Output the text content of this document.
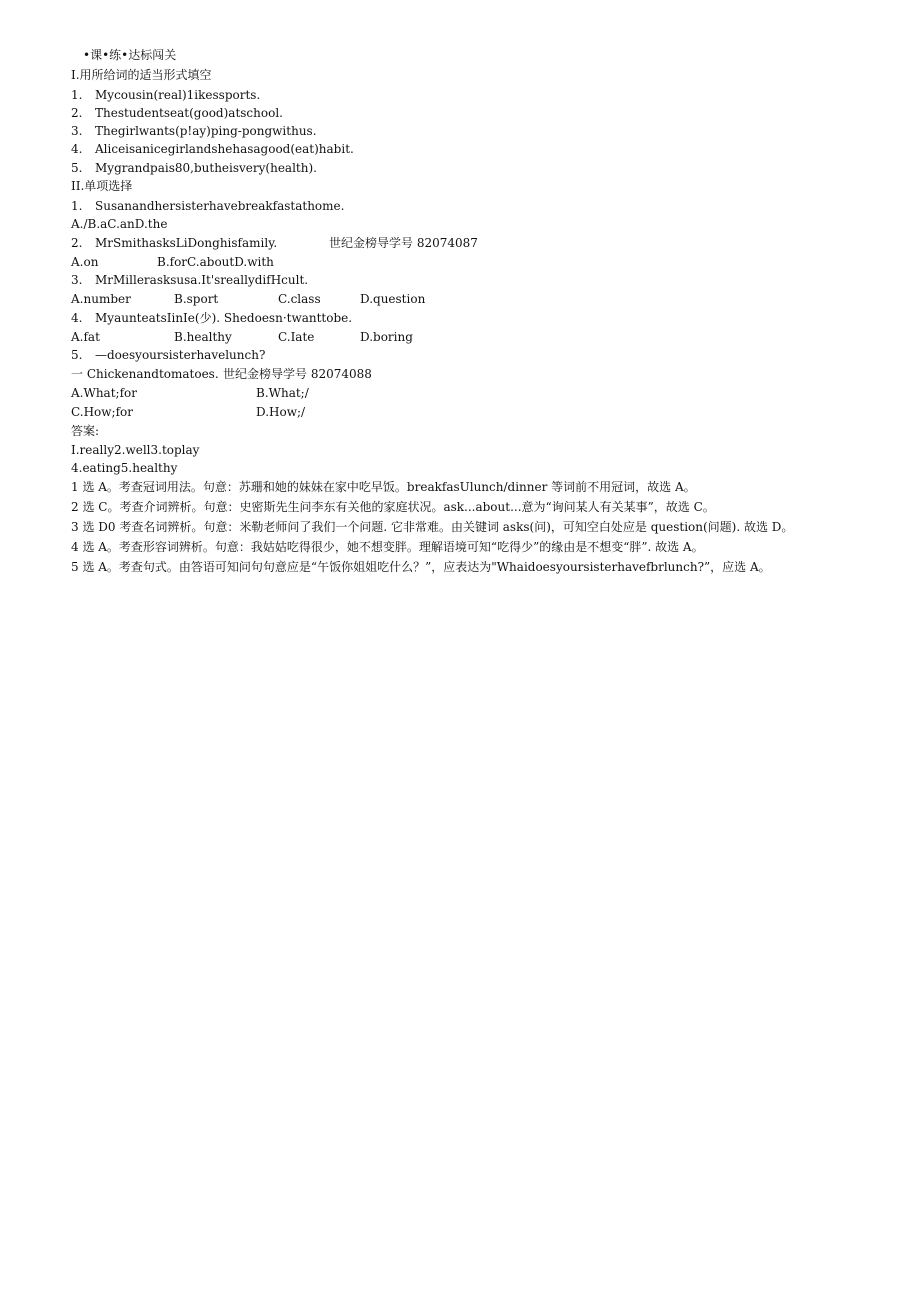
•课•练•达标闯关
I.用所给词的适当形式填空
1. Mycousin(real)1ikessports.
2. Thestudentseat(good)atschool.
3. Thegirlwants(p!ay)ping-pongwithus.
4. Aliceisanicegirlandshehasagood(eat)habit.
5. Mygrandpais80,butheisvery(health).
II.单项选择
1. Susanandhersisterhavebreakfastathome.
A./B.aC.anD.the
2. MrSmithasksLiDonghisfamily.	世纪金榜导学号 82074087
A.on	B.forC.aboutD.with
3. MrMillerasksusa.It'sreallydifHcult.
A.number	B.sport	C.class	D.question
4. MyaunteatsIinIe(少). Shedoesn·twanttobe.
A.fat	B.healthy	C.Iate	D.boring
5. —doesyoursisterhavelunch?
一 Chickenandtomatoes. 世纪金榜导学号 82074088
A.What;for	B.What;/
C.How;for	D.How;/
答案:
I.really2.well3.toplay
4.eating5.healthy
1 选 A。考查冠词用法。句意：苏珊和她的妹妹在家中吃早饭。breakfasUlunch/dinner 等词前不用冠词，故选 A。
2 选 C。考查介词辨析。句意：史密斯先生问李东有关他的家庭状况。ask...about...意为“询问某人有关某事”，故选 C。
3 选 D0 考查名词辨析。句意：米勒老师问了我们一个问题. 它非常难。由关键词 asks(问)，可知空白处应是 question(问题). 故选 D。
4 选 A。考查形容词辨析。句意：我姑姑吃得很少，她不想变胖。理解语境可知“吃得少”的缘由是不想变“胖”. 故选 A。
5 选 A。考查句式。由答语可知问句句意应是“午饭你姐姐吃什么？”，应表达为"Whaidoesyoursisterhavefbrlunch?”，应选 A。
